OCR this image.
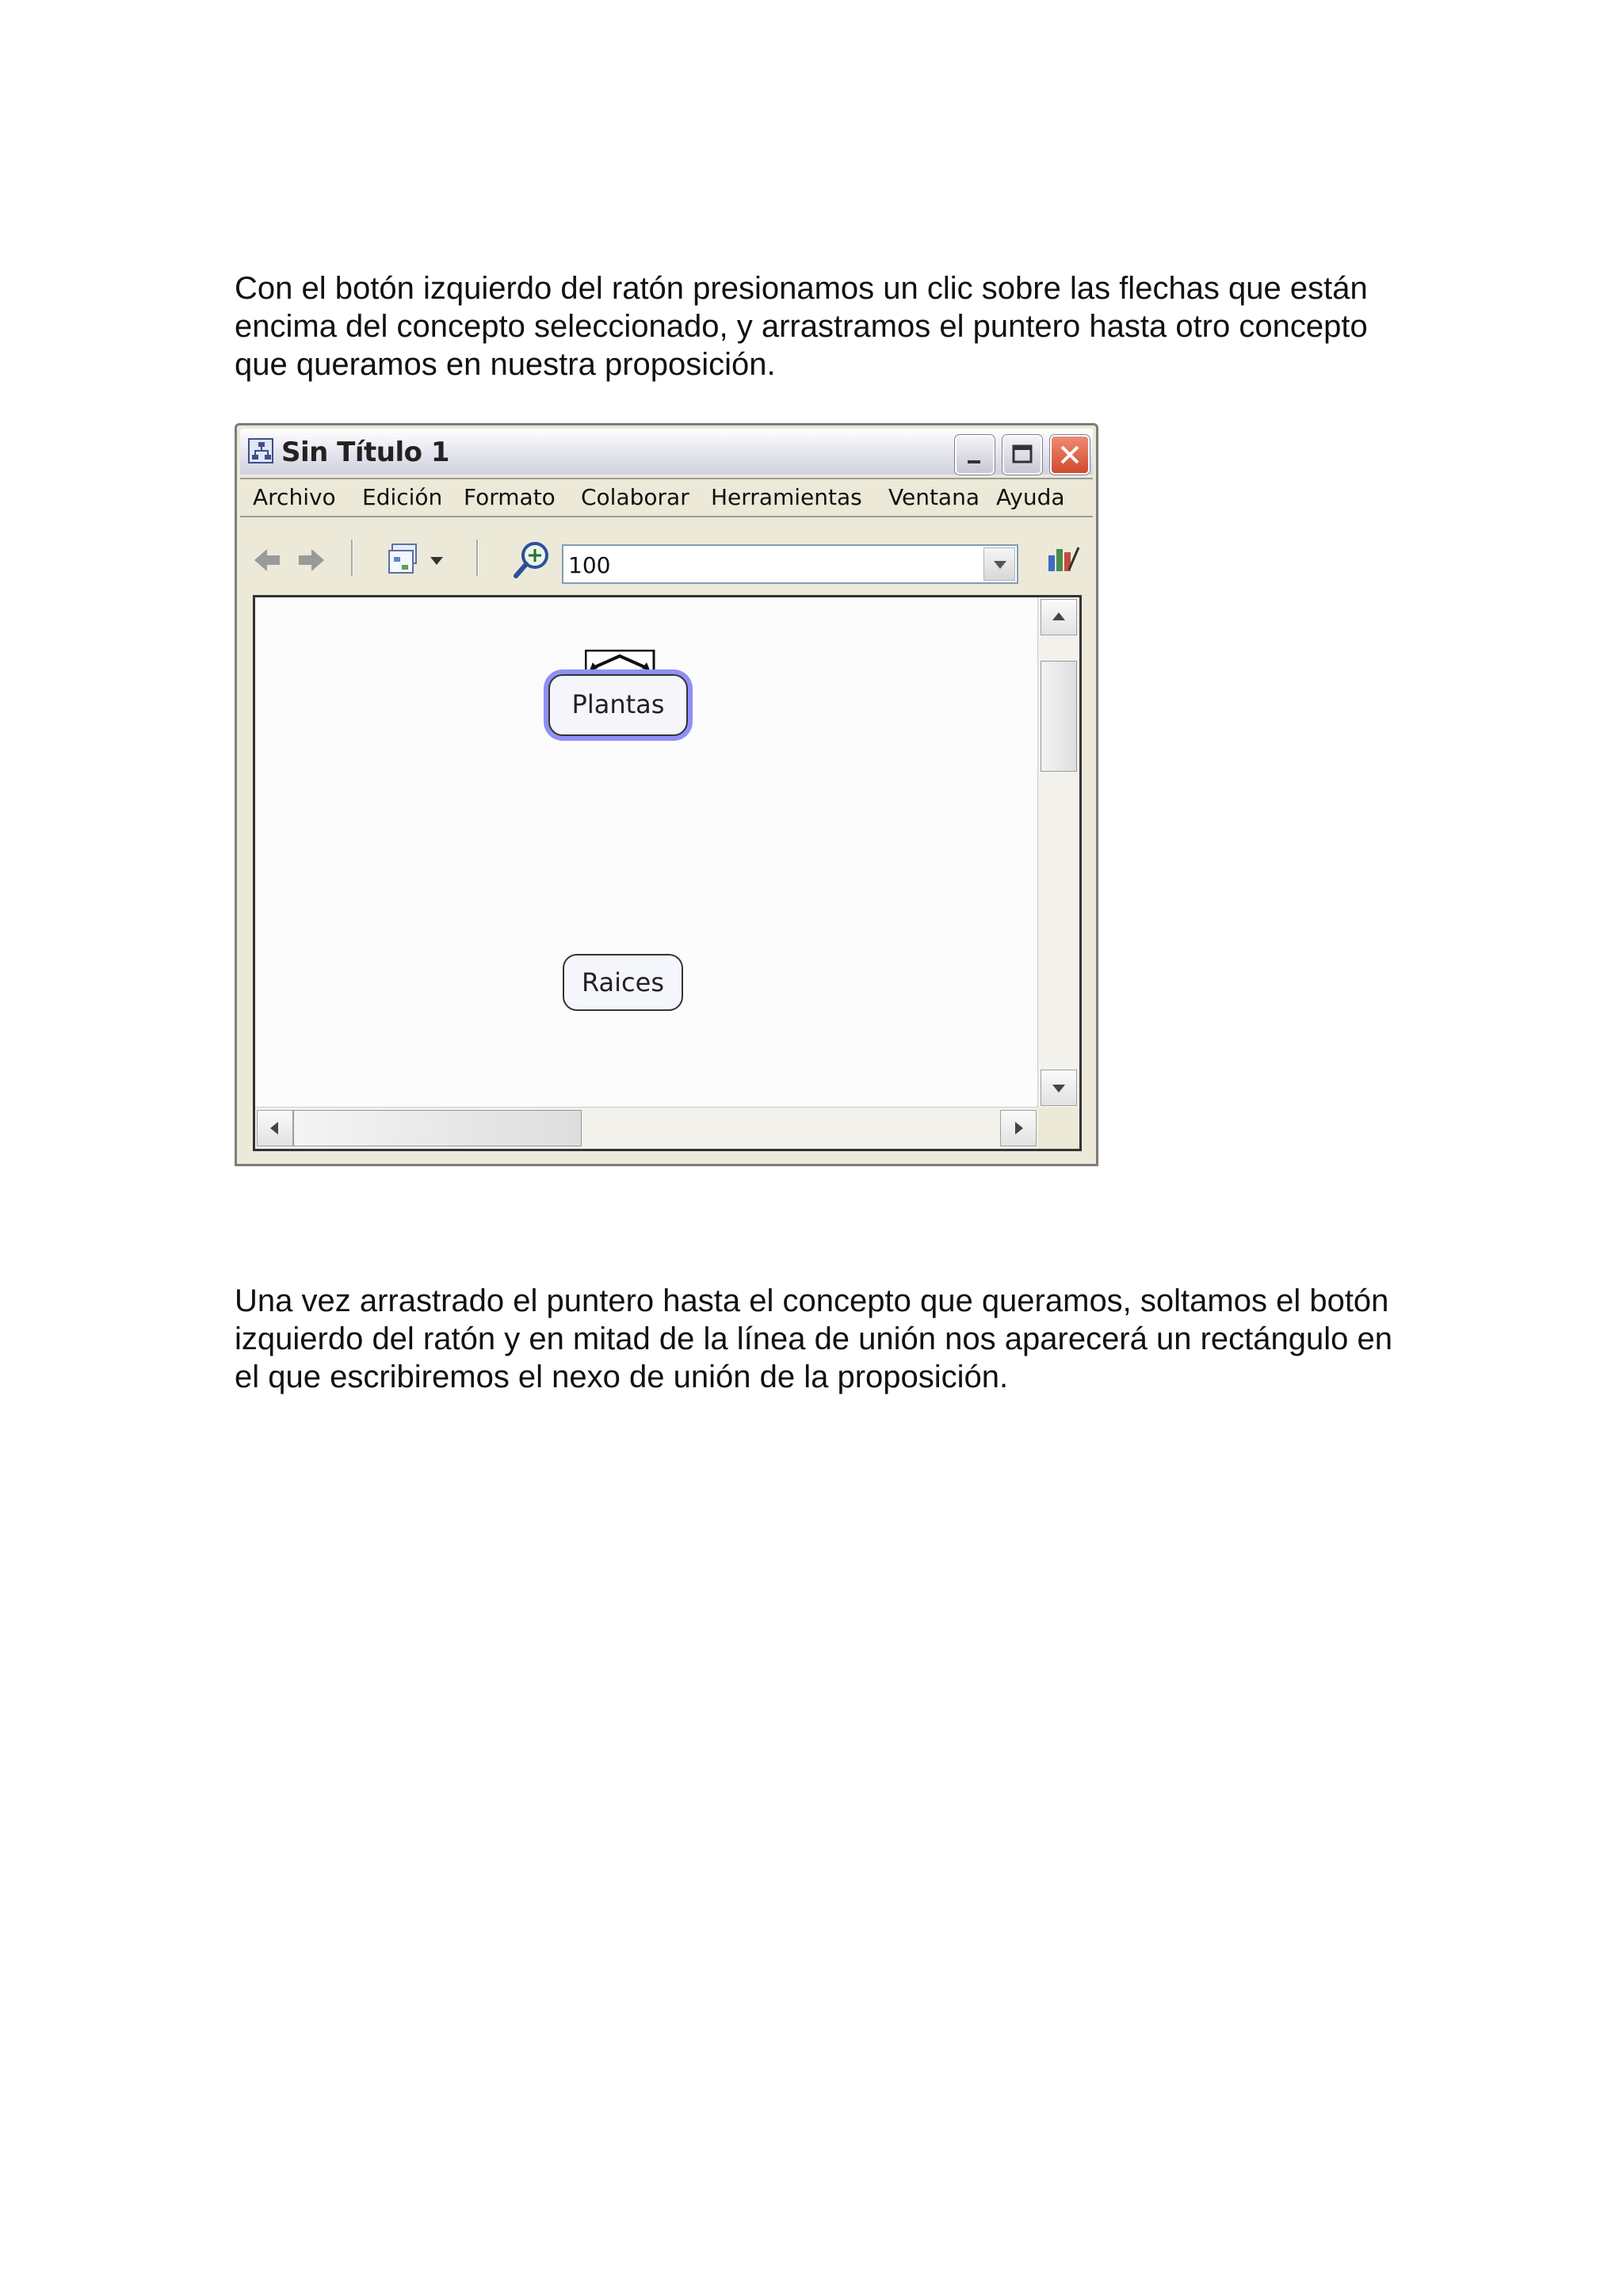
Con el botón izquierdo del ratón presionamos un clic sobre las flechas que están encima del concepto seleccionado, y arrastramos el puntero hasta otro concepto que queramos en nuestra proposición.
Sin Título 1
Archivo Edición Formato Colaborar Herramientas Ventana Ayuda
100
Plantas
Raices
Una vez arrastrado el puntero hasta el concepto que queramos, soltamos el botón izquierdo del ratón y en mitad de la línea de unión nos aparecerá un rectángulo en el que escribiremos el nexo de unión de la proposición.
